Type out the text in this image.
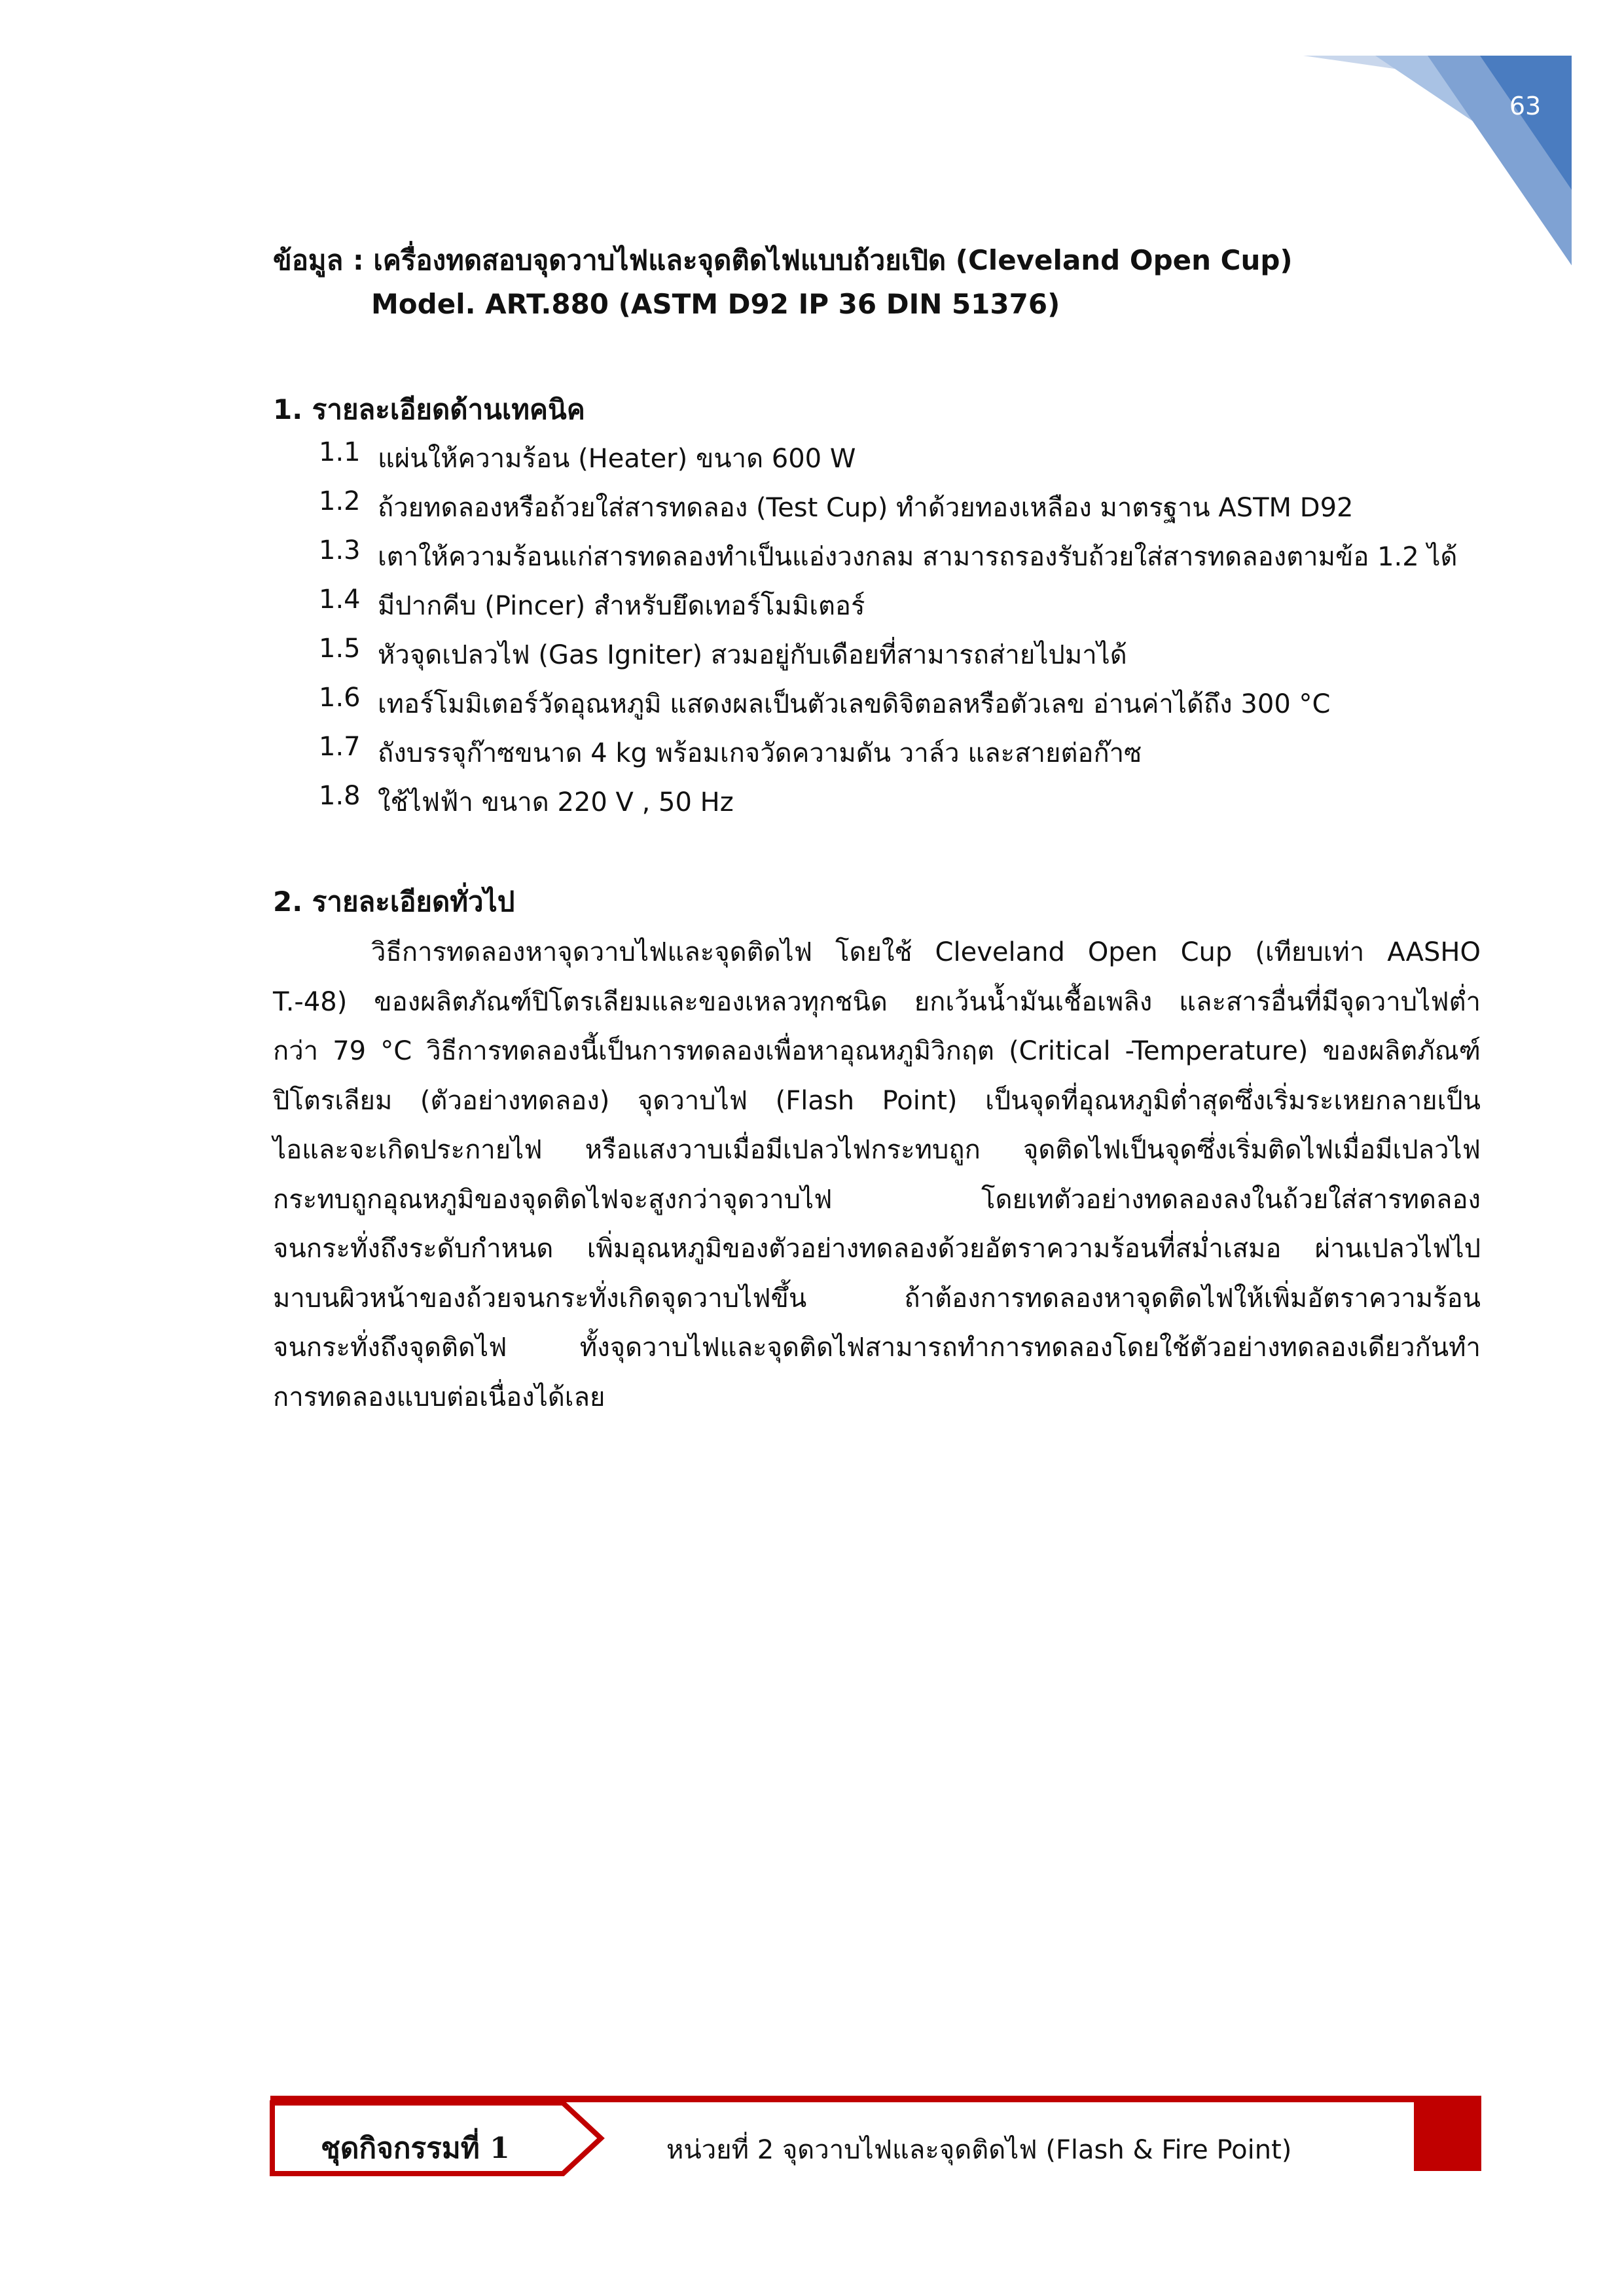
63
ข้อมูล : เครื่องทดสอบจุดวาบไฟและจุดติดไฟแบบถ้วยเปิด (Cleveland Open Cup)
Model. ART.880 (ASTM D92 IP 36 DIN 51376)
1. รายละเอียดด้านเทคนิค
1.1 แผ่นให้ความร้อน (Heater) ขนาด 600 W
1.2 ถ้วยทดลองหรือถ้วยใส่สารทดลอง (Test Cup) ทำด้วยทองเหลือง มาตรฐาน ASTM D92
1.3 เตาให้ความร้อนแก่สารทดลองทำเป็นแอ่งวงกลม สามารถรองรับถ้วยใส่สารทดลองตามข้อ 1.2 ได้
1.4 มีปากคีบ (Pincer) สำหรับยึดเทอร์โมมิเตอร์
1.5 หัวจุดเปลวไฟ (Gas Igniter) สวมอยู่กับเดือยที่สามารถส่ายไปมาได้
1.6 เทอร์โมมิเตอร์วัดอุณหภูมิ แสดงผลเป็นตัวเลขดิจิตอลหรือตัวเลข อ่านค่าได้ถึง 300 °C
1.7 ถังบรรจุก๊าซขนาด 4 kg พร้อมเกจวัดความดัน วาล์ว และสายต่อก๊าซ
1.8 ใช้ไฟฟ้า ขนาด 220 V , 50 Hz
2. รายละเอียดทั่วไป
วิธีการทดลองหาจุดวาบไฟและจุดติดไฟ โดยใช้ Cleveland Open Cup (เทียบเท่า AASHO
T.-48) ของผลิตภัณฑ์ปิโตรเลียมและของเหลวทุกชนิด ยกเว้นน้ำมันเชื้อเพลิง และสารอื่นที่มีจุดวาบไฟต่ำ
กว่า 79 °C วิธีการทดลองนี้เป็นการทดลองเพื่อหาอุณหภูมิวิกฤต (Critical -Temperature) ของผลิตภัณฑ์
ปิโตรเลียม (ตัวอย่างทดลอง) จุดวาบไฟ (Flash Point) เป็นจุดที่อุณหภูมิต่ำสุดซึ่งเริ่มระเหยกลายเป็น
ไอและจะเกิดประกายไฟ หรือแสงวาบเมื่อมีเปลวไฟกระทบถูก จุดติดไฟเป็นจุดซึ่งเริ่มติดไฟเมื่อมีเปลวไฟ
กระทบถูกอุณหภูมิของจุดติดไฟจะสูงกว่าจุดวาบไฟ โดยเทตัวอย่างทดลองลงในถ้วยใส่สารทดลอง
จนกระทั่งถึงระดับกำหนด เพิ่มอุณหภูมิของตัวอย่างทดลองด้วยอัตราความร้อนที่สม่ำเสมอ ผ่านเปลวไฟไป
มาบนผิวหน้าของถ้วยจนกระทั่งเกิดจุดวาบไฟขึ้น ถ้าต้องการทดลองหาจุดติดไฟให้เพิ่มอัตราความร้อน
จนกระทั่งถึงจุดติดไฟ ทั้งจุดวาบไฟและจุดติดไฟสามารถทำการทดลองโดยใช้ตัวอย่างทดลองเดียวกันทำ
การทดลองแบบต่อเนื่องได้เลย
ชุดกิจกรรมที่ 1	หน่วยที่ 2 จุดวาบไฟและจุดติดไฟ (Flash & Fire Point)
